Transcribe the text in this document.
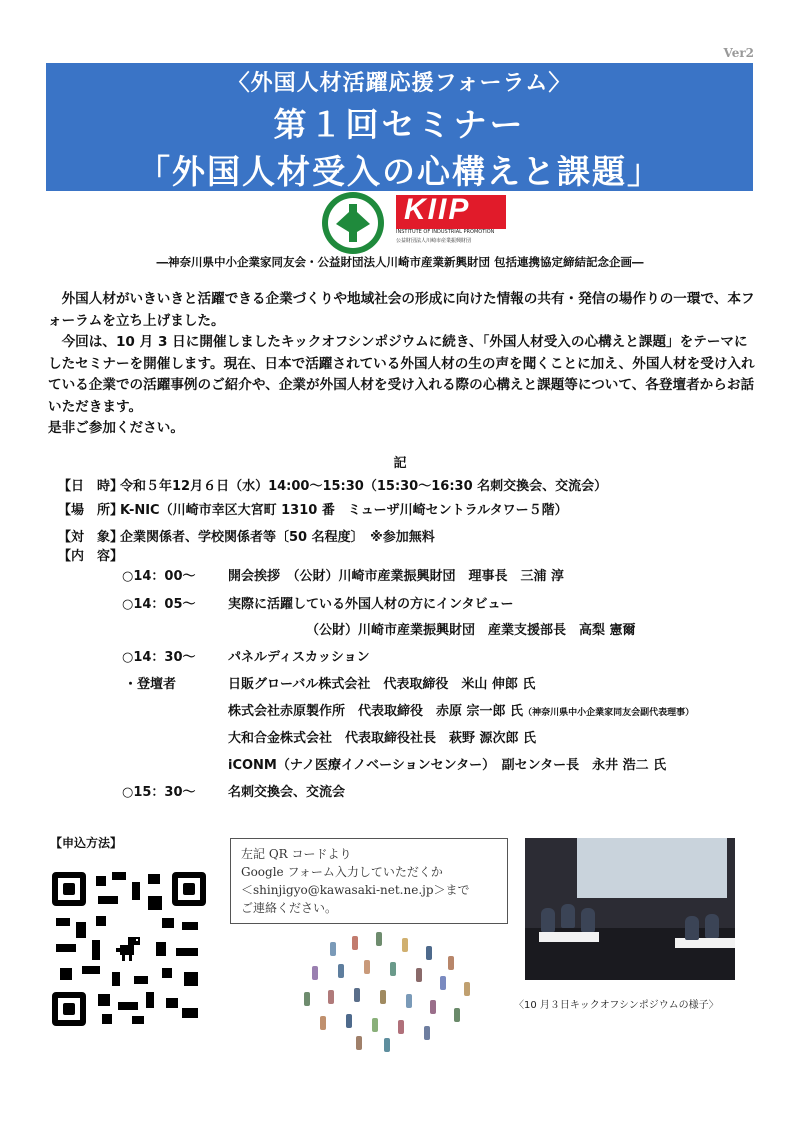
Ver2
〈外国人材活躍応援フォーラム〉
第１回セミナー
「外国人材受入の心構えと課題」
KIIP
INSTITUTE OF INDUSTRIAL PROMOTION
公益財団法人川崎市産業振興財団
―神奈川県中小企業家同友会・公益財団法人川崎市産業新興財団 包括連携協定締結記念企画―

　外国人材がいきいきと活躍できる企業づくりや地域社会の形成に向けた情報の共有・発信の場作りの一環で、本フォーラムを立ち上げました。

　今回は、10 月 3 日に開催しましたキックオフシンポジウムに続き、「外国人材受入の心構えと課題」をテーマにしたセミナーを開催します。現在、日本で活躍されている外国人材の生の声を聞くことに加え、外国人材を受け入れている企業での活躍事例のご紹介や、企業が外国人材を受け入れる際の心構えと課題等について、各登壇者からお話いただきます。

是非ご参加ください。

記
【日　時】令和５年12月６日（水）14:00～15:30（15:30～16:30 名刺交換会、交流会）
【場　所】K-NIC（川崎市幸区大宮町 1310 番　ミューザ川崎セントラルタワー５階）
【対　象】企業関係者、学校関係者等〔50 名程度〕　※参加無料
【内　容】
○14：00～ 開会挨拶　（公財）川崎市産業振興財団　理事長　三浦 淳
○14：05～ 実際に活躍している外国人材の方にインタビュー
（公財）川崎市産業振興財団　産業支援部長　高梨 憲爾
○14：30～ パネルディスカッション
・登壇者	日販グローバル株式会社　代表取締役　米山 伸郎 氏
株式会社赤原製作所　代表取締役　赤原 宗一郎 氏（神奈川県中小企業家同友会副代表理事）
大和合金株式会社　代表取締役社長　萩野 源次郎 氏
iCONM（ナノ医療イノベーションセンター）　副センター長　永井 浩二 氏
○15：30～ 名刺交換会、交流会
【申込方法】
左記 QR コードより
Google フォーム入力していただくか
＜shinjigyo@kawasaki-net.ne.jp＞まで
ご連絡ください。
〈10 月３日キックオフシンポジウムの様子〉
